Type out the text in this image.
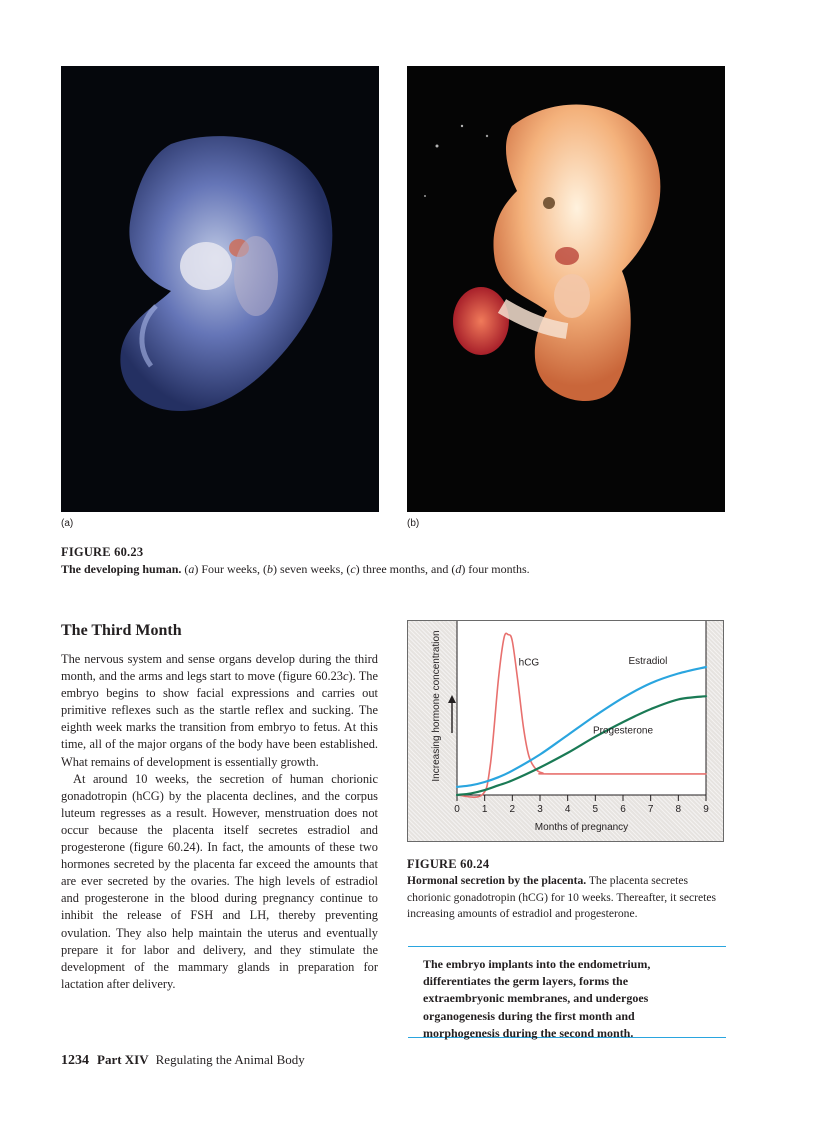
(a)	(b)
FIGURE 60.23
The developing human. (a) Four weeks, (b) seven weeks, (c) three months, and (d) four months.
The Third Month

The nervous system and sense organs develop during the third month, and the arms and legs start to move (figure 60.23c). The embryo begins to show facial expressions and carries out primitive reflexes such as the startle reflex and sucking. The eighth week marks the transition from embryo to fetus. At this time, all of the major organs of the body have been established. What remains of development is essentially growth.

At around 10 weeks, the secretion of human chorionic gonadotropin (hCG) by the placenta declines, and the corpus luteum regresses as a result. However, menstruation does not occur because the placenta itself secretes estradiol and progesterone (figure 60.24). In fact, the amounts of these two hormones secreted by the placenta far exceed the amounts that are ever secreted by the ovaries. The high levels of estradiol and progesterone in the blood during pregnancy continue to inhibit the release of FSH and LH, thereby preventing ovulation. They also help maintain the uterus and eventually prepare it for labor and delivery, and they stimulate the development of the mammary glands in preparation for lactation after delivery.

0 1 2 3 4 5 6 7 8 9
Months of pregnancy
Increasing hormone concentration	hCG	Estradiol
Progesterone
FIGURE 60.24
Hormonal secretion by the placenta. The placenta secretes chorionic gonadotropin (hCG) for 10 weeks. Thereafter, it secretes increasing amounts of estradiol and progesterone.
The embryo implants into the endometrium, differentiates the germ layers, forms the extraembryonic membranes, and undergoes organogenesis during the first month and morphogenesis during the second month.
1234 Part XIV Regulating the Animal Body
